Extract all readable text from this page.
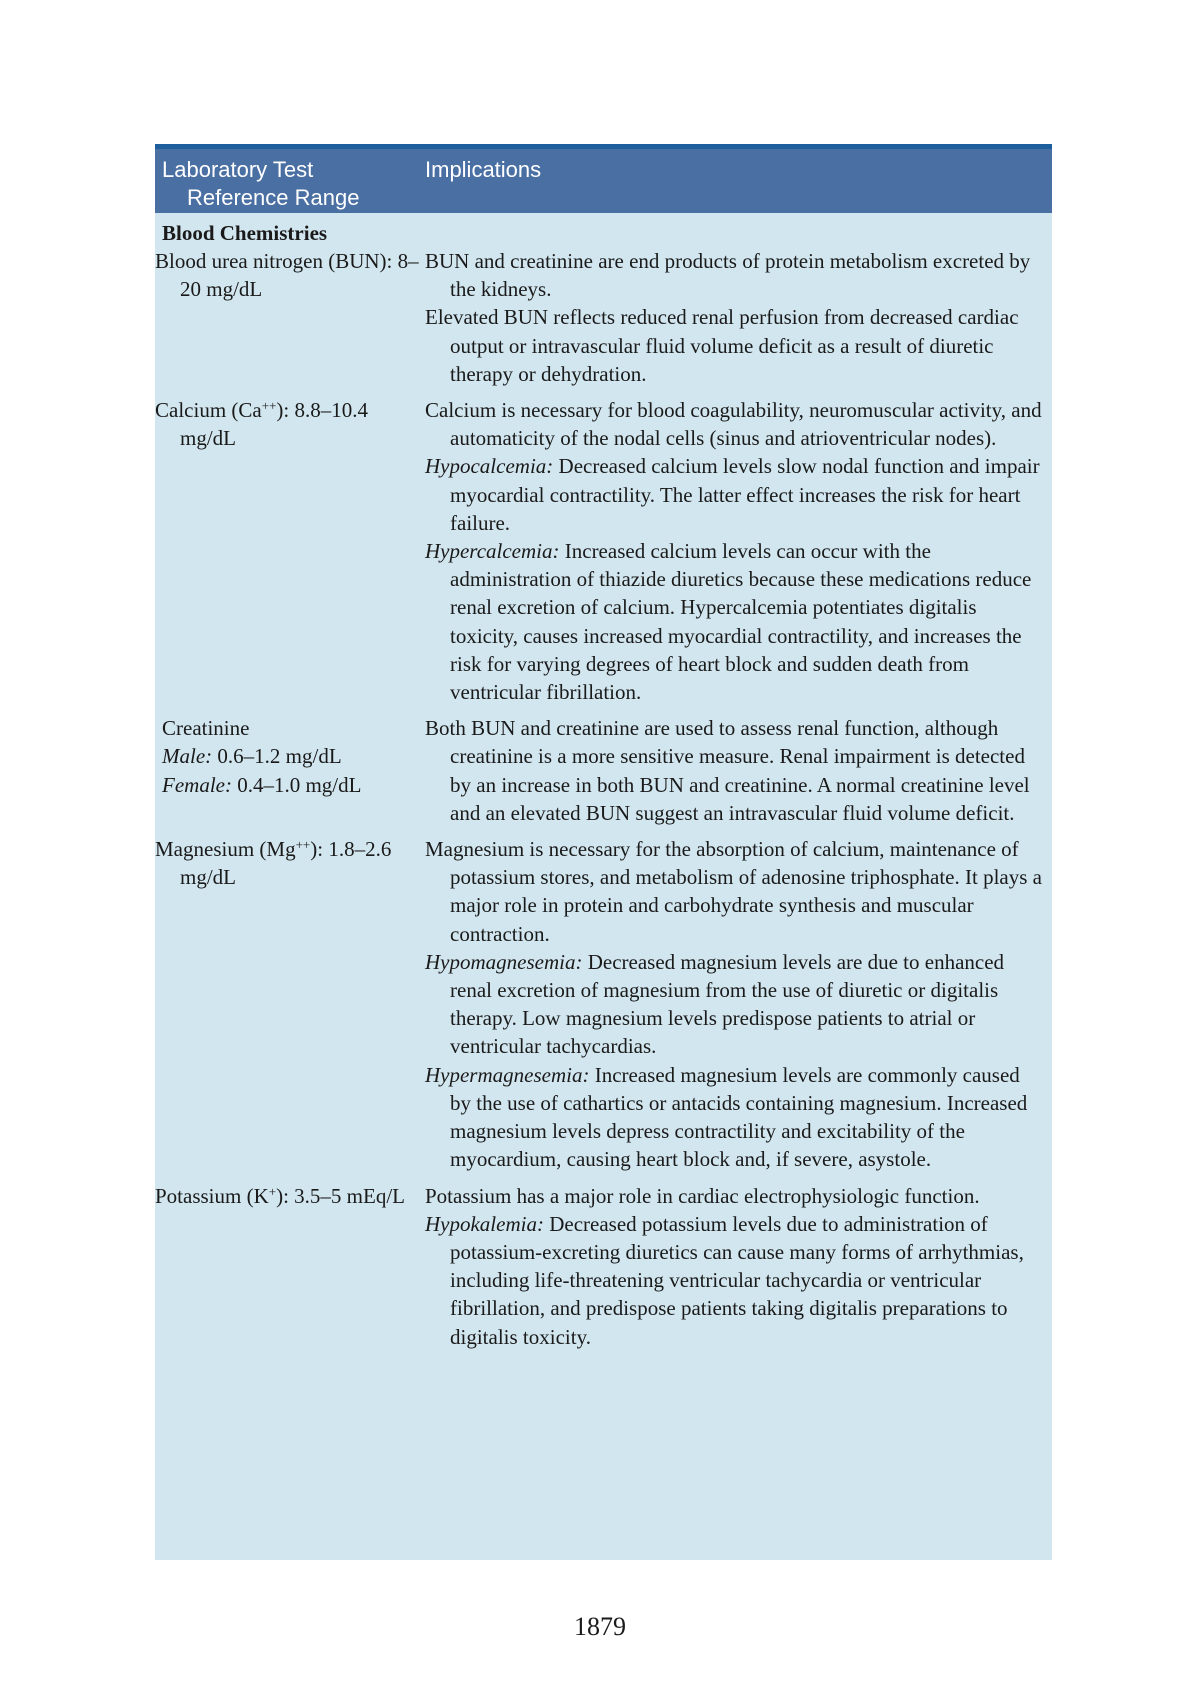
Laboratory Test
Reference Range
Implications
Blood Chemistries
Blood urea nitrogen (BUN): 8–20 mg/dL

BUN and creatinine are end products of protein metabolism excreted by the kidneys.

Elevated BUN reflects reduced renal perfusion from decreased cardiac output or intravascular fluid volume deficit as a result of diuretic therapy or dehydration.

Calcium (Ca++): 8.8–10.4 mg/dL

Calcium is necessary for blood coagulability, neuromuscular activity, and automaticity of the nodal cells (sinus and atrioventricular nodes).

Hypocalcemia: Decreased calcium levels slow nodal function and impair myocardial contractility. The latter effect increases the risk for heart failure.

Hypercalcemia: Increased calcium levels can occur with the administration of thiazide diuretics because these medications reduce renal excretion of calcium. Hypercalcemia potentiates digitalis toxicity, causes increased myocardial contractility, and increases the risk for varying degrees of heart block and sudden death from ventricular fibrillation.

Creatinine

Male: 0.6–1.2 mg/dL

Female: 0.4–1.0 mg/dL

Both BUN and creatinine are used to assess renal function, although creatinine is a more sensitive measure. Renal impairment is detected by an increase in both BUN and creatinine. A normal creatinine level and an elevated BUN suggest an intravascular fluid volume deficit.

Magnesium (Mg++): 1.8–2.6 mg/dL

Magnesium is necessary for the absorption of calcium, maintenance of potassium stores, and metabolism of adenosine triphosphate. It plays a major role in protein and carbohydrate synthesis and muscular contraction.

Hypomagnesemia: Decreased magnesium levels are due to enhanced renal excretion of magnesium from the use of diuretic or digitalis therapy. Low magnesium levels predispose patients to atrial or ventricular tachycardias.

Hypermagnesemia: Increased magnesium levels are commonly caused by the use of cathartics or antacids containing magnesium. Increased magnesium levels depress contractility and excitability of the myocardium, causing heart block and, if severe, asystole.

Potassium (K+): 3.5–5 mEq/L Potassium has a major role in cardiac electrophysiologic function.

Hypokalemia: Decreased potassium levels due to administration of potassium-excreting diuretics can cause many forms of arrhythmias, including life-threatening ventricular tachycardia or ventricular fibrillation, and predispose patients taking digitalis preparations to digitalis toxicity.

1879
